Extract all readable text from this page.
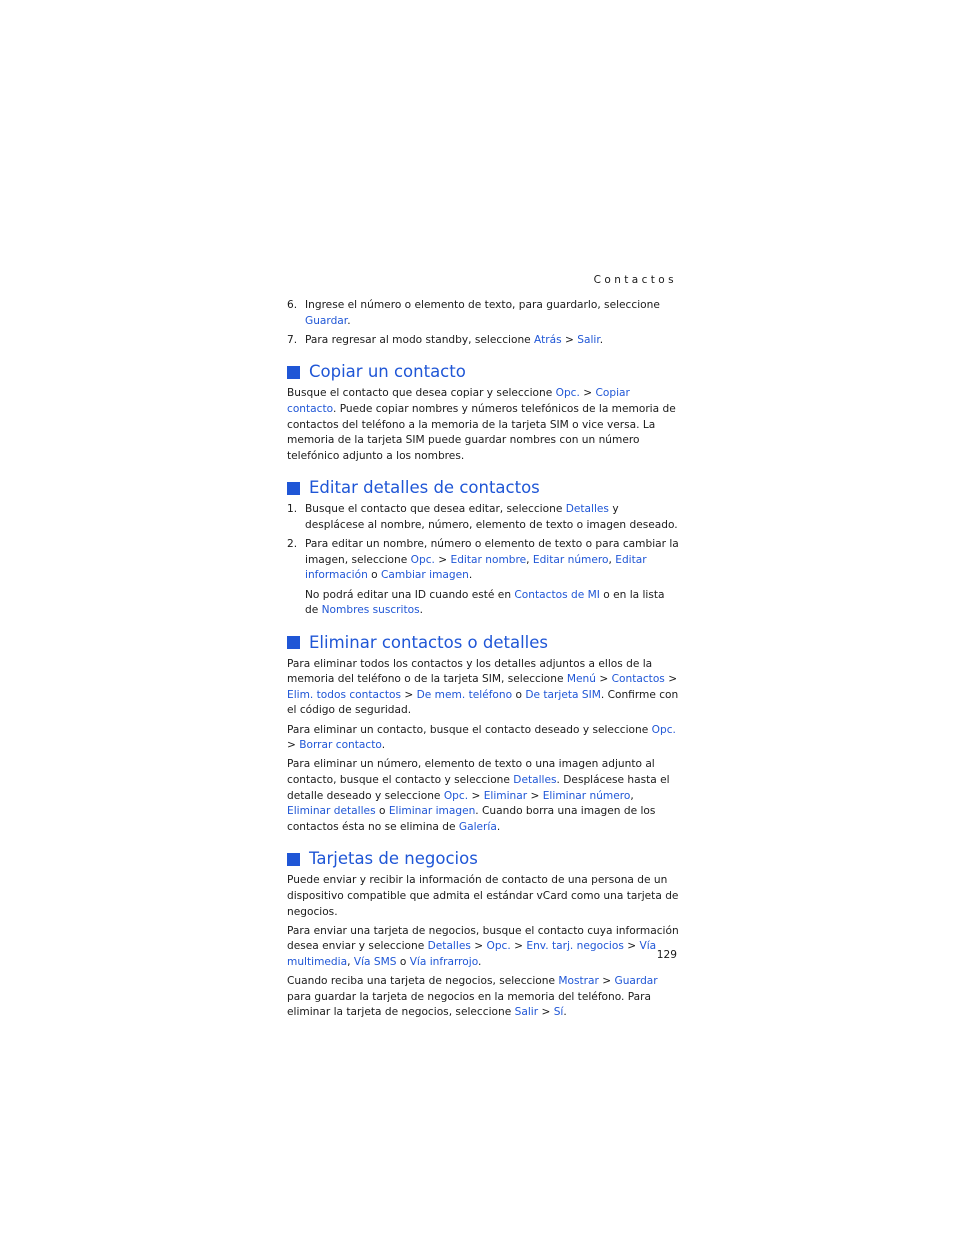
Contactos
6. Ingrese el número o elemento de texto, para guardarlo, seleccione Guardar.
7. Para regresar al modo standby, seleccione Atrás > Salir.
Copiar un contacto

Busque el contacto que desea copiar y seleccione Opc. > Copiar contacto. Puede copiar nombres y números telefónicos de la memoria de contactos del teléfono a la memoria de la tarjeta SIM o vice versa. La memoria de la tarjeta SIM puede guardar nombres con un número telefónico adjunto a los nombres.

Editar detalles de contactos
1. Busque el contacto que desea editar, seleccione Detalles y desplácese al nombre, número, elemento de texto o imagen deseado.
2. Para editar un nombre, número o elemento de texto o para cambiar la imagen, seleccione Opc. > Editar nombre, Editar número, Editar información o Cambiar imagen.
No podrá editar una ID cuando esté en Contactos de MI o en la lista de Nombres suscritos.
Eliminar contactos o detalles

Para eliminar todos los contactos y los detalles adjuntos a ellos de la memoria del teléfono o de la tarjeta SIM, seleccione Menú > Contactos > Elim. todos contactos > De mem. teléfono o De tarjeta SIM. Confirme con el código de seguridad.

Para eliminar un contacto, busque el contacto deseado y seleccione Opc. > Borrar contacto.

Para eliminar un número, elemento de texto o una imagen adjunto al contacto, busque el contacto y seleccione Detalles. Desplácese hasta el detalle deseado y seleccione Opc. > Eliminar > Eliminar número, Eliminar detalles o Eliminar imagen. Cuando borra una imagen de los contactos ésta no se elimina de Galería.

Tarjetas de negocios

Puede enviar y recibir la información de contacto de una persona de un dispositivo compatible que admita el estándar vCard como una tarjeta de negocios.

Para enviar una tarjeta de negocios, busque el contacto cuya información desea enviar y seleccione Detalles > Opc. > Env. tarj. negocios > Vía multimedia, Vía SMS o Vía infrarrojo.

Cuando reciba una tarjeta de negocios, seleccione Mostrar > Guardar para guardar la tarjeta de negocios en la memoria del teléfono. Para eliminar la tarjeta de negocios, seleccione Salir > Sí.

129
